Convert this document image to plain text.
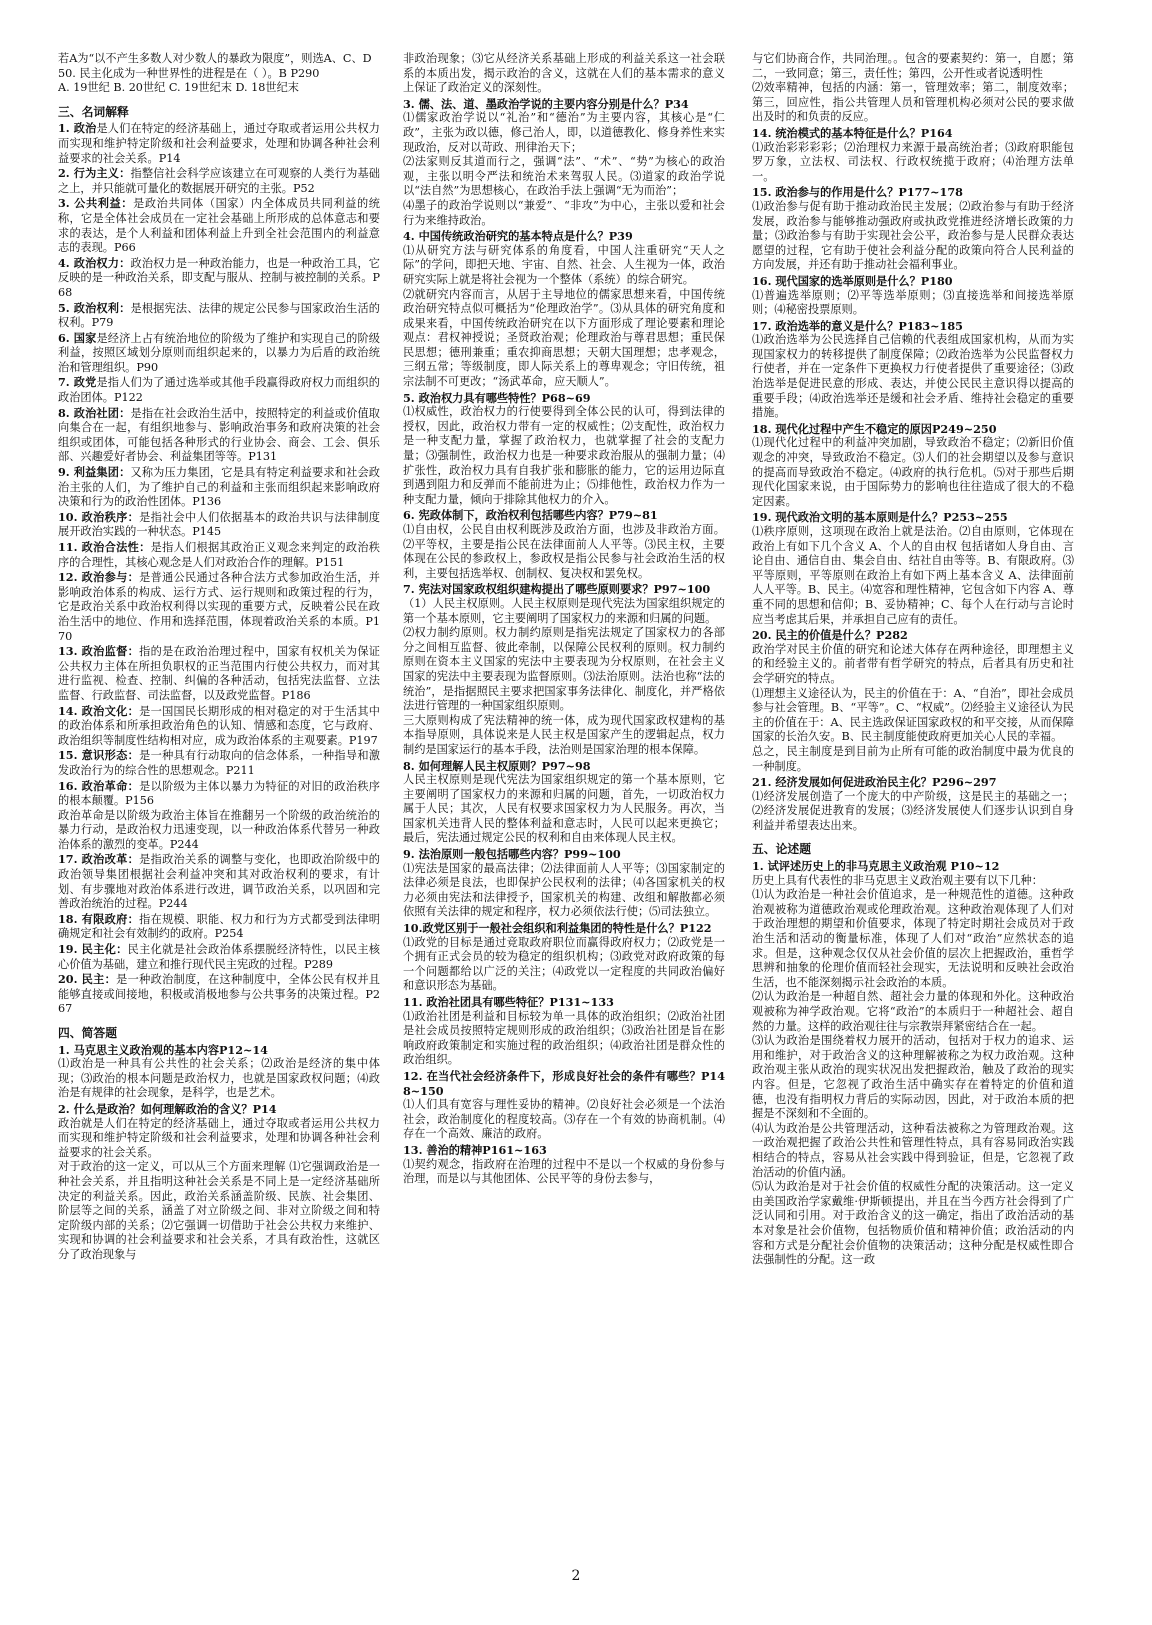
若A为“以不产生多数人对少数人的暴政为限度”，则选A、C、D
50. 民主化成为一种世界性的进程是在（ ）。B P290
A. 19世纪 B. 20世纪 C. 19世纪末 D. 18世纪末
三、名词解释
1. 政治是人们在特定的经济基础上，通过夺取或者运用公共权力而实现和维护特定阶级和社会利益要求，处理和协调各种社会利益要求的社会关系。P14
2. 行为主义：指整信社会科学应该建立在可观察的人类行为基础之上，并只能就可量化的数据展开研究的主张。P52
3. 公共利益：是政治共同体（国家）内全体成员共同利益的统称，它是全体社会成员在一定社会基础上所形成的总体意志和要求的表达，是个人利益和团体利益上升到全社会范围内的利益意志的表现。P66
4. 政治权力：政治权力是一种政治能力，也是一种政治工具，它反映的是一种政治关系，即支配与服从、控制与被控制的关系。P68
5. 政治权利：是根据宪法、法律的规定公民参与国家政治生活的权利。P79
6. 国家是经济上占有统治地位的阶级为了维护和实现自己的阶级利益，按照区域划分原则而组织起来的，以暴力为后盾的政治统治和管理组织。P90
7. 政党是指人们为了通过选举或其他手段赢得政府权力而组织的政治团体。P122
8. 政治社团：是指在社会政治生活中，按照特定的利益或价值取向集合在一起，有组织地参与、影响政治事务和政府决策的社会组织或团体，可能包括各种形式的行业协会、商会、工会、俱乐部、兴趣爱好者协会、利益集团等等。P131
9. 利益集团：又称为压力集团，它是具有特定利益要求和社会政治主张的人们，为了维护自己的利益和主张而组织起来影响政府决策和行为的政治性团体。P136
10. 政治秩序：是指社会中人们依据基本的政治共识与法律制度展开政治实践的一种状态。P145
11. 政治合法性：是指人们根据其政治正义观念来判定的政治秩序的合理性，其核心观念是人们对政治合作的理解。P151
12. 政治参与：是普通公民通过各种合法方式参加政治生活，并影响政治体系的构成、运行方式、运行规则和政策过程的行为，它是政治关系中政治权利得以实现的重要方式，反映着公民在政治生活中的地位、作用和选择范围，体现着政治关系的本质。P170
13. 政治监督：指的是在政治治理过程中，国家有权机关为保证公共权力主体在所担负职权的正当范围内行使公共权力，而对其进行监视、检查、控制、纠偏的各种活动，包括宪法监督、立法监督、行政监督、司法监督，以及政党监督。P186
14. 政治文化：是一国国民长期形成的相对稳定的对于生活其中的政治体系和所承担政治角色的认知、情感和态度，它与政府、政治组织等制度性结构相对应，成为政治体系的主观要素。P197
15. 意识形态：是一种具有行动取向的信念体系，一种指导和激发政治行为的综合性的思想观念。P211
16. 政治革命：是以阶级为主体以暴力为特征的对旧的政治秩序的根本颠覆。P156
政治革命是以阶级为政治主体旨在推翻另一个阶级的政治统治的暴力行动，是政治权力迅速变现，以一种政治体系代替另一种政治体系的激烈的变革。P244
17. 政治改革：是指政治关系的调整与变化，也即政治阶级中的政治领导集团根据社会利益冲突和其对政治权利的要求，有计划、有步骤地对政治体系进行改进，调节政治关系，以巩固和完善政治统治的过程。P244
18. 有限政府：指在规模、职能、权力和行为方式都受到法律明确规定和社会有效制约的政府。P254
19. 民主化：民主化就是社会政治体系摆脱经济特性，以民主核心价值为基础，建立和推行现代民主宪政的过程。P289
20. 民主：是一种政治制度，在这种制度中，全体公民有权并且能够直接或间接地，积极或消极地参与公共事务的决策过程。P267
四、简答题
1. 马克思主义政治观的基本内容P12~14
⑴政治是一种具有公共性的社会关系；⑵政治是经济的集中体现；⑶政治的根本问题是政治权力，也就是国家政权问题；⑷政治是有规律的社会现象，是科学，也是艺术。
2. 什么是政治？如何理解政治的含义？P14
政治就是人们在特定的经济基础上，通过夺取或者运用公共权力而实现和维护特定阶级和社会利益要求，处理和协调各种社会利益要求的社会关系。
对于政治的这一定义，可以从三个方面来理解 ⑴它强调政治是一种社会关系，并且指明这种社会关系是不同上是一定经济基础所决定的利益关系。因此，政治关系涵盖阶级、民族、社会集团、阶层等之间的关系，涵盖了对立阶级之间、非对立阶级之间和特定阶级内部的关系；⑵它强调一切借助于社会公共权力来维护、实现和协调的社会利益要求和社会关系，才具有政治性，这就区分了政治现象与
非政治现象；⑶它从经济关系基础上形成的利益关系这一社会联系的本质出发，揭示政治的含义，这就在人们的基本需求的意义上保证了政治定义的深刻性。
3. 儒、法、道、墨政治学说的主要内容分别是什么？P34
⑴儒家政治学说以“礼治”和“德治”为主要内容，其核心是“仁政”，主张为政以德，修己治人，即，以道德教化、修身养性来实现政治，反对以苛政、刑律治天下；
⑵法家则反其道而行之，强调“法”、“术”、“势”为核心的政治观，主张以明令严法和统治术来驾驭人民。⑶道家的政治学说以“法自然”为思想核心，在政治手法上强调“无为而治”；
⑷墨子的政治学说则以“兼爱”、“非攻”为中心，主张以爱和社会行为来维持政治。
4. 中国传统政治研究的基本特点是什么？P39
⑴从研究方法与研究体系的角度看，中国人注重研究“天人之际”的学问，即把天地、宇宙、自然、社会、人生视为一体，政治研究实际上就是将社会视为一个整体（系统）的综合研究。
⑵就研究内容而言，从居于主导地位的儒家思想来看，中国传统政治研究特点似可概括为“伦理政治学”。⑶从具体的研究角度和成果来看，中国传统政治研究在以下方面形成了理论要素和理论观点：君权神授说；圣贤政治观；伦理政治与尊君思想；重民保民思想；德刑兼重；重农抑商思想；天朝大国理想；忠孝观念，三纲五常；等级制度，即人际关系上的尊卑观念；守旧传统，祖宗法制不可更改；“汤武革命，应天顺人”。
5. 政治权力具有哪些特性？P68~69
⑴权威性，政治权力的行使要得到全体公民的认可，得到法律的授权，因此，政治权力带有一定的权威性；⑵支配性，政治权力是一种支配力量，掌握了政治权力，也就掌握了社会的支配力量；⑶强制性，政治权力也是一种要求政治服从的强制力量；⑷扩张性，政治权力具有自我扩张和膨胀的能力，它的运用边际直到遇到阻力和反弹而不能前进为止；⑸排他性，政治权力作为一种支配力量，倾向于排除其他权力的介入。
6. 宪政体制下，政治权利包括哪些内容？P79~81
⑴自由权，公民自由权利既涉及政治方面，也涉及非政治方面。⑵平等权，主要是指公民在法律面前人人平等。⑶民主权，主要体现在公民的参政权上，参政权是指公民参与社会政治生活的权利，主要包括选举权、创制权、复决权和罢免权。
7. 宪法对国家政权组织建构提出了哪些原则要求？P97~100
（1）人民主权原则。人民主权原则是现代宪法为国家组织规定的第一个基本原则，它主要阐明了国家权力的来源和归属的问题。
⑵权力制约原则。权力制约原则是指宪法规定了国家权力的各部分之间相互监督、彼此牵制，以保障公民权利的原则。权力制约原则在资本主义国家的宪法中主要表现为分权原则，在社会主义国家的宪法中主要表现为监督原则。⑶法治原则。法治也称“法的统治”，是指据照民主要求把国家事务法律化、制度化，并严格依法进行管理的一种国家组织原则。
三大原则构成了宪法精神的统一体，成为现代国家政权建构的基本指导原则，具体说来是人民主权是国家产生的逻辑起点，权力制约是国家运行的基本手段，法治则是国家治理的根本保障。
8. 如何理解人民主权原则？P97~98
人民主权原则是现代宪法为国家组织规定的第一个基本原则，它主要阐明了国家权力的来源和归属的问题，首先，一切政治权力属于人民；其次，人民有权要求国家权力为人民服务。再次，当国家机关违背人民的整体利益和意志时，人民可以起来更换它；最后，宪法通过规定公民的权利和自由来体现人民主权。
9. 法治原则一般包括哪些内容？P99~100
⑴宪法是国家的最高法律；⑵法律面前人人平等；⑶国家制定的法律必须是良法，也即保护公民权利的法律；⑷各国家机关的权力必须由宪法和法律授予，国家机关的构建、改组和解散都必须依照有关法律的规定和程序，权力必须依法行使；⑸司法独立。
10.政党区别于一般社会组织和利益集团的特性是什么？P122
⑴政党的目标是通过竞取政府职位而赢得政府权力；⑵政党是一个拥有正式会员的较为稳定的组织机构；⑶政党对政府政策的每一个问题都给以广泛的关注；⑷政党以一定程度的共同政治偏好和意识形态为基础。
11. 政治社团具有哪些特征？P131~133
⑴政治社团是利益和目标较为单一具体的政治组织；⑵政治社团是社会成员按照特定规则形成的政治组织；⑶政治社团是旨在影响政府政策制定和实施过程的政治组织；⑷政治社团是群众性的政治组织。
12. 在当代社会经济条件下，形成良好社会的条件有哪些？P148~150
⑴人们具有宽容与理性妥协的精神。⑵良好社会必须是一个法治社会，政治制度化的程度较高。⑶存在一个有效的协商机制。⑷存在一个高效、廉洁的政府。
13. 善治的精神P161~163
⑴契约观念，指政府在治理的过程中不是以一个权威的身份参与治理，而是以与其他团体、公民平等的身份去参与，
与它们协商合作，共同治理。。包含的要素契约：第一，自愿；第二，一致同意；第三，责任性；第四，公开性或者说透明性
⑵效率精神，包括的内涵：第一，管理效率；第二，制度效率；第三，回应性，指公共管理人员和管理机构必须对公民的要求做出及时的和负责的反应。
14. 统治模式的基本特征是什么？P164
⑴政治彩彩彩彩；⑵治理权力来源于最高统治者；⑶政府职能包罗万象，立法权、司法权、行政权统揽于政府；⑷治理方法单一。
15. 政治参与的作用是什么？P177~178
⑴政治参与促有助于推动政治民主发展；⑵政治参与有助于经济发展，政治参与能够推动强政府或执政党推进经济增长政策的力量；⑶政治参与有助于实现社会公平，政治参与是人民群众表达愿望的过程，它有助于使社会利益分配的政策向符合人民利益的方向发展，并还有助于推动社会福利事业。
16. 现代国家的选举原则是什么？P180
⑴普遍选举原则；⑵平等选举原则；⑶直接选举和间接选举原则；⑷秘密投票原则。
17. 政治选举的意义是什么？P183~185
⑴政治选举为公民选择自己信赖的代表组成国家机构，从而为实现国家权力的转移提供了制度保障；⑵政治选举为公民监督权力行使者，并在一定条件下更换权力行使者提供了重要途径；⑶政治选举是促进民意的形成、表达，并使公民民主意识得以提高的重要手段；⑷政治选举还是缓和社会矛盾、维持社会稳定的重要措施。
18. 现代化过程中产生不稳定的原因P249~250
⑴现代化过程中的利益冲突加剧，导致政治不稳定；⑵新旧价值观念的冲突，导致政治不稳定。⑶人们的社会期望以及参与意识的提高而导致政治不稳定。⑷政府的执行危机。⑸对于那些后期现代化国家来说，由于国际势力的影响也往往造成了很大的不稳定因素。
19. 现代政治文明的基本原则是什么？P253~255
⑴秩序原则，这项现在政治上就是法治。⑵自由原则，它体现在政治上有如下几个含义 A、个人的自由权 包括诸如人身自由、言论自由、通信自由、集会自由、结社自由等等。B、有限政府。⑶平等原则，平等原则在政治上有如下两上基本含义 A、法律面前人人平等。B、民主。⑷宽容和理性精神，它包含如下内容 A、尊重不同的思想和信仰；B、妥协精神；C、每个人在行动与言论时应当考虑其后果，并承担自己应有的责任。
20. 民主的价值是什么？P282
政治学对民主价值的研究和论述大体存在两种途径，即理想主义的和经验主义的。前者带有哲学研究的特点，后者具有历史和社会学研究的特点。
⑴理想主义途径认为，民主的价值在于：A、“自治”，即社会成员参与社会管理。B、“平等”。C、“权威”。⑵经验主义途径认为民主的价值在于：A、民主选政保证国家政权的和平交接，从而保障国家的长治久安。B、民主制度能使政府更加关心人民的幸福。
总之，民主制度是到目前为止所有可能的政治制度中最为优良的一种制度。
21. 经济发展如何促进政治民主化？P296~297
⑴经济发展创造了一个庞大的中产阶级，这是民主的基础之一；⑵经济发展促进教育的发展；⑶经济发展使人们逐步认识到自身利益并希望表达出来。
五、论述题
1. 试评述历史上的非马克思主义政治观 P10~12
历史上具有代表性的非马克思主义政治观主要有以下几种：
⑴认为政治是一种社会价值追求，是一种规范性的道德。这种政治观被称为道德政治观或伦理政治观。这种政治观体现了人们对于政治理想的期望和价值要求，体现了特定时期社会成员对于政治生活和活动的衡量标准，体现了人们对“政治”应然状态的追求。但是，这种观念仅仅从社会价值的层次上把握政治，重哲学思辨和抽象的伦理价值而轻社会现实，无法说明和反映社会政治生活，也不能深刻揭示社会政治的本质。
⑵认为政治是一种超自然、超社会力量的体现和外化。这种政治观被称为神学政治观。它将“政治”的本质归于一种超社会、超自然的力量。这样的政治观往往与宗教崇拜紧密结合在一起。
⑶认为政治是围绕着权力展开的活动，包括对于权力的追求、运用和维护，对于政治含义的这种理解被称之为权力政治观。这种政治观主张从政治的现实状况出发把握政治，触及了政治的现实内容。但是，它忽视了政治生活中确实存在着特定的价值和道德，也没有指明权力背后的实际动因，因此，对于政治本质的把握是不深刻和不全面的。
⑷认为政治是公共管理活动，这种看法被称之为管理政治观。这一政治观把握了政治公共性和管理性特点，具有容易同政治实践相结合的特点，容易从社会实践中得到验证，但是，它忽视了政治活动的价值内涵。
⑸认为政治是对于社会价值的权威性分配的决策活动。这一定义由美国政治学家戴维·伊斯顿提出，并且在当今西方社会得到了广泛认同和引用。对于政治含义的这一确定，指出了政治活动的基本对象是社会价值物，包括物质价值和精神价值；政治活动的内容和方式是分配社会价值物的决策活动；这种分配是权威性即合法强制性的分配。这一政
2
